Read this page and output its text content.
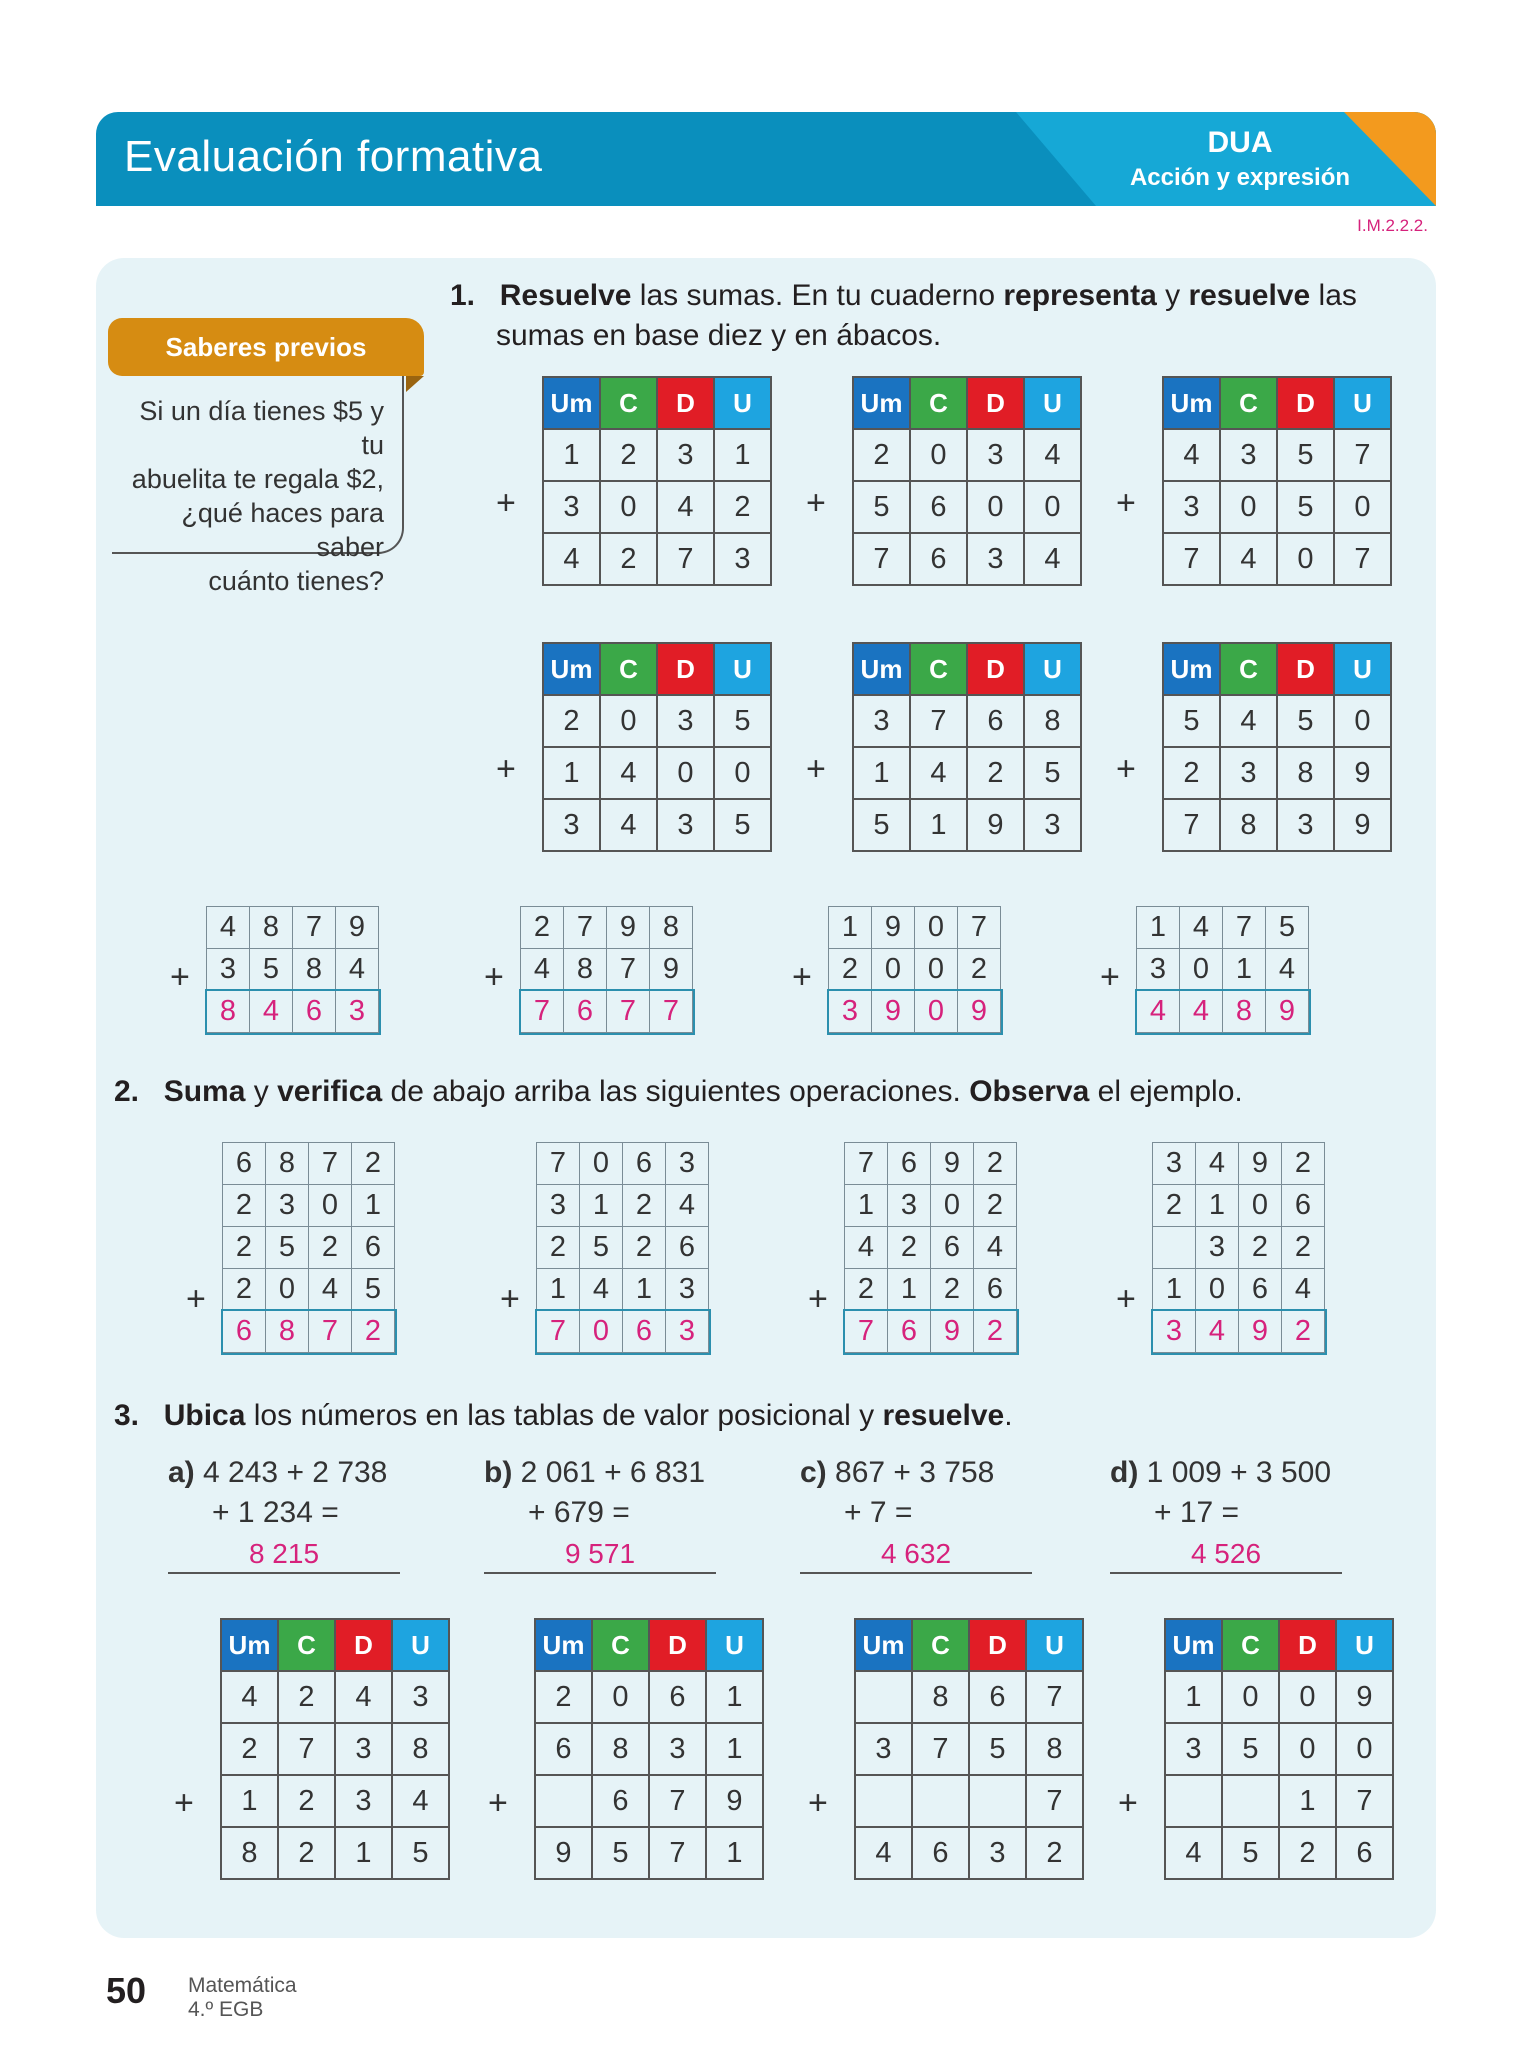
Evaluación formativa	DUA
Acción y expresión
I.M.2.2.2.
Saberes previos
Si un día tienes $5 y tu
abuelita te regala $2,
¿qué haces para saber
cuánto tienes?
1. Resuelve las sumas. En tu cuaderno representa y resuelve las
sumas en base diez y en ábacos.
Um	C	D	U
1	2	3	1
3	0	4	2
4	2	7	3
+
Um	C	D	U
2	0	3	4
5	6	0	0
7	6	3	4
+
Um	C	D	U
4	3	5	7
3	0	5	0
7	4	0	7
+
Um	C	D	U
2	0	3	5
1	4	0	0
3	4	3	5
+
Um	C	D	U
3	7	6	8
1	4	2	5
5	1	9	3
+
Um	C	D	U
5	4	5	0
2	3	8	9
7	8	3	9
+
4	8	7	9
3	5	8	4
8	4	6	3
+
2	7	9	8
4	8	7	9
7	6	7	7
+
1	9	0	7
2	0	0	2
3	9	0	9
+
1	4	7	5
3	0	1	4
4	4	8	9
+
2. Suma y verifica de abajo arriba las siguientes operaciones. Observa el ejemplo.
6	8	7	2
2	3	0	1
2	5	2	6
2	0	4	5
6	8	7	2
+
7	0	6	3
3	1	2	4
2	5	2	6
1	4	1	3
7	0	6	3
+
7	6	9	2
1	3	0	2
4	2	6	4
2	1	2	6
7	6	9	2
+
3	4	9	2
2	1	0	6
	3	2	2
1	0	6	4
3	4	9	2
+
3. Ubica los números en las tablas de valor posicional y resuelve.
a) 4 243 + 2 738
+ 1 234 =
8 215
b) 2 061 + 6 831
+ 679 =
9 571
c) 867 + 3 758
+ 7 =
4 632
d) 1 009 + 3 500
+ 17 =
4 526
Um	C	D	U
4	2	4	3
2	7	3	8
1	2	3	4
8	2	1	5
+
Um	C	D	U
2	0	6	1
6	8	3	1
	6	7	9
9	5	7	1
+
Um	C	D	U
	8	6	7
3	7	5	8
			7
4	6	3	2
+
Um	C	D	U
1	0	0	9
3	5	0	0
		1	7
4	5	2	6
+
50 Matemática
4.º EGB
